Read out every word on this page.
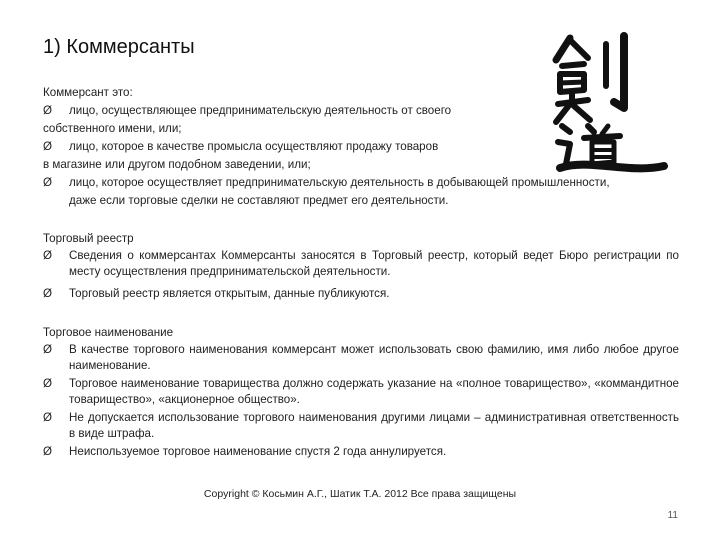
1) Коммерсанты
Коммерсант это:
Ø лицо, осуществляющее предпринимательскую деятельность от своего
собственного имени, или;
Ø лицо, которое в качестве промысла осуществляют продажу товаров
в магазине или другом подобном заведении, или;
Ø лицо, которое осуществляет предпринимательскую деятельность в добывающей промышленности,
даже если торговые сделки не составляют предмет его деятельности.
Торговый реестр
Ø	Сведения о коммерсантах Коммерсанты заносятся в Торговый реестр, который ведет Бюро регистрации по месту осуществления предпринимательской деятельности.
Ø	Торговый реестр является открытым, данные публикуются.
Торговое наименование
Ø	В качестве торгового наименования коммерсант может использовать свою фамилию, имя либо любое другое наименование.
Ø	Торговое наименование товарищества должно содержать указание на «полное товарищество», «коммандитное товарищество», «акционерное общество».
Ø	Не допускается использование торгового наименования другими лицами – административная ответственность в виде штрафа.
Ø	Неиспользуемое торговое наименование спустя 2 года аннулируется.
Copyright © Косьмин А.Г., Шатик Т.А. 2012 Все права защищены
11
